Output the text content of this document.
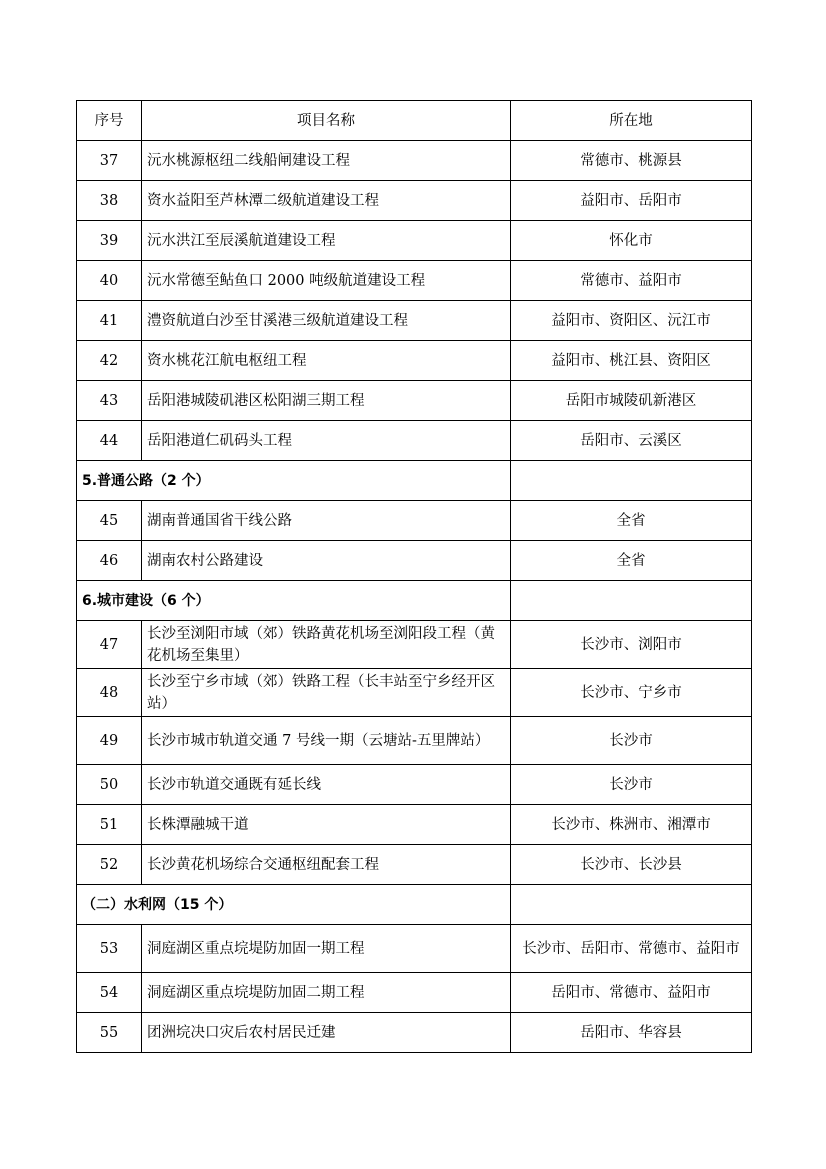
序号	项目名称	所在地
37	沅水桃源枢纽二线船闸建设工程	常德市、桃源县
38	资水益阳至芦林潭二级航道建设工程	益阳市、岳阳市
39	沅水洪江至辰溪航道建设工程	怀化市
40	沅水常德至鲇鱼口 2000 吨级航道建设工程	常德市、益阳市
41	澧资航道白沙至甘溪港三级航道建设工程	益阳市、资阳区、沅江市
42	资水桃花江航电枢纽工程	益阳市、桃江县、资阳区
43	岳阳港城陵矶港区松阳湖三期工程	岳阳市城陵矶新港区
44	岳阳港道仁矶码头工程	岳阳市、云溪区
5.普通公路（2 个）		
45	湖南普通国省干线公路	全省
46	湖南农村公路建设	全省
6.城市建设（6 个）		
47	长沙至浏阳市域（郊）铁路黄花机场至浏阳段工程（黄花机场至集里）	长沙市、浏阳市
48	长沙至宁乡市域（郊）铁路工程（长丰站至宁乡经开区站）	长沙市、宁乡市
49	长沙市城市轨道交通 7 号线一期（云塘站-五里牌站）	长沙市
50	长沙市轨道交通既有延长线	长沙市
51	长株潭融城干道	长沙市、株洲市、湘潭市
52	长沙黄花机场综合交通枢纽配套工程	长沙市、长沙县
（二）水利网（15 个）		
53	洞庭湖区重点垸堤防加固一期工程	长沙市、岳阳市、常德市、益阳市
54	洞庭湖区重点垸堤防加固二期工程	岳阳市、常德市、益阳市
55	团洲垸决口灾后农村居民迁建	岳阳市、华容县
